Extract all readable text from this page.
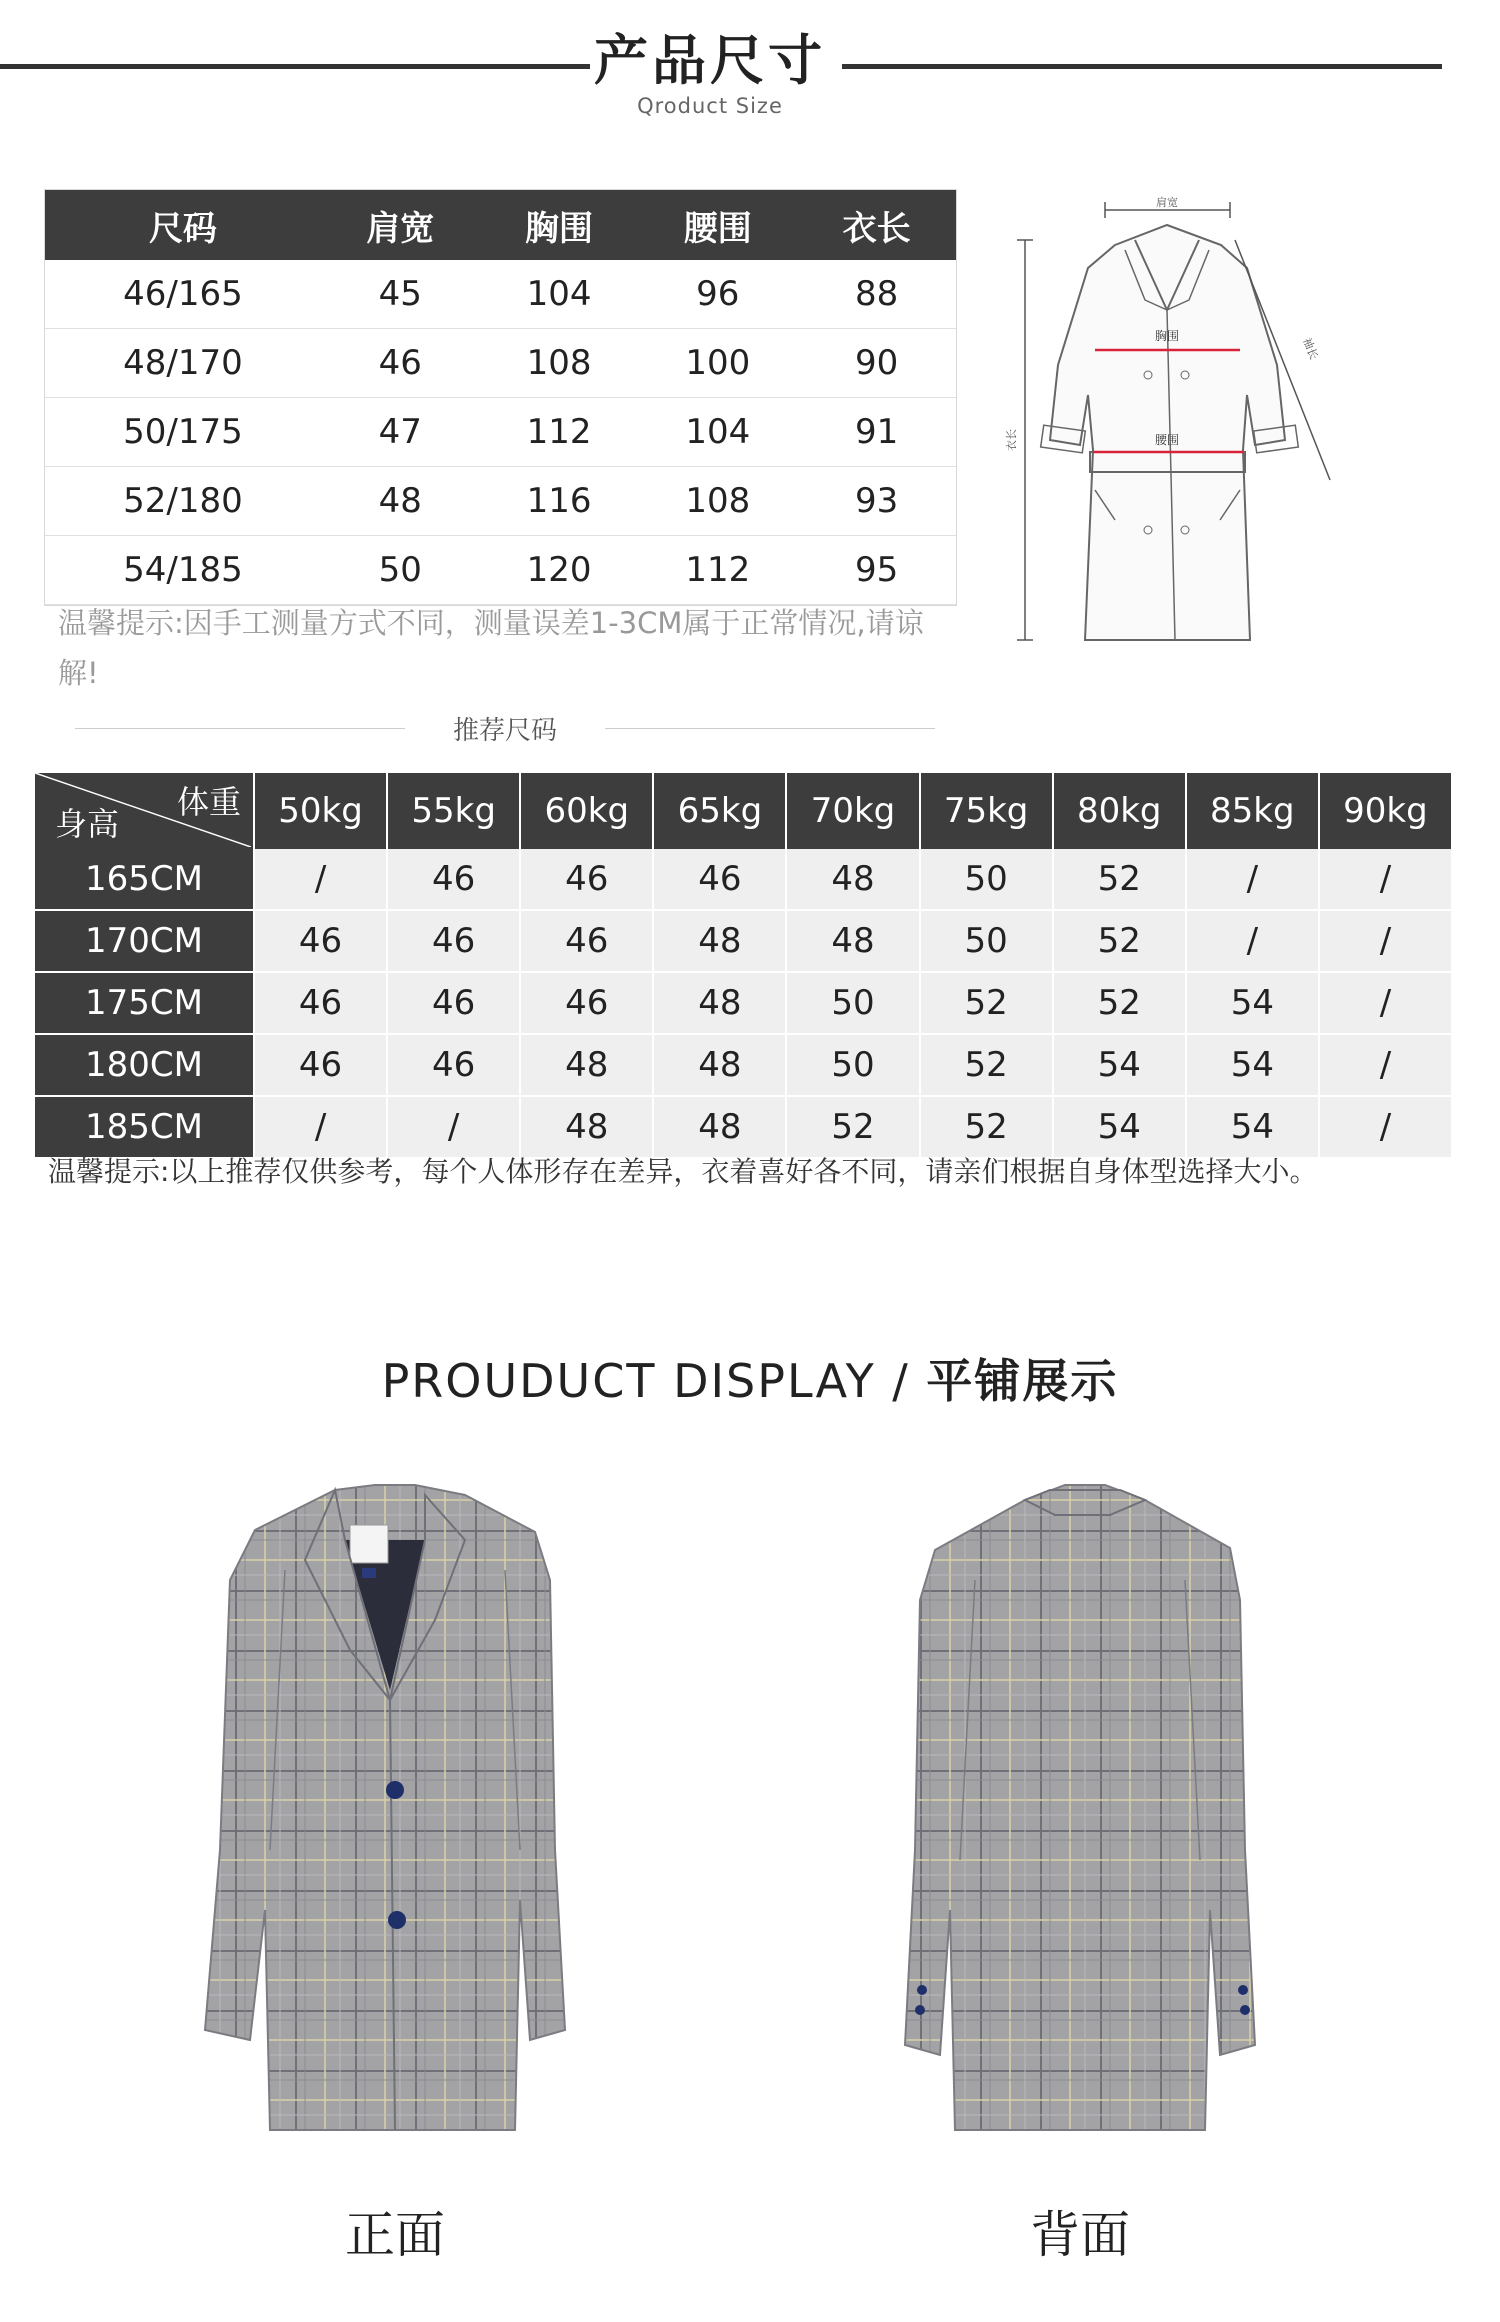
产品尺寸
Qroduct Size
尺码	肩宽	胸围	腰围	衣长
46/165	45	104	96	88
48/170	46	108	100	90
50/175	47	112	104	91
52/180	48	116	108	93
54/185	50	120	112	95
温馨提示:因手工测量方式不同，测量误差1-3CM属于正常情况,请谅解!
肩宽
胸围
腰围
衣长
袖长
推荐尺码
体重
身高	50kg	55kg	60kg	65kg	70kg	75kg	80kg	85kg	90kg
165CM	/	46	46	46	48	50	52	/	/
170CM	46	46	46	48	48	50	52	/	/
175CM	46	46	46	48	50	52	52	54	/
180CM	46	46	48	48	50	52	54	54	/
185CM	/	/	48	48	52	52	54	54	/
温馨提示:以上推荐仅供参考，每个人体形存在差异，衣着喜好各不同，请亲们根据自身体型选择大小。
PROUDUCT DISPLAY / 平铺展示
正面	背面
